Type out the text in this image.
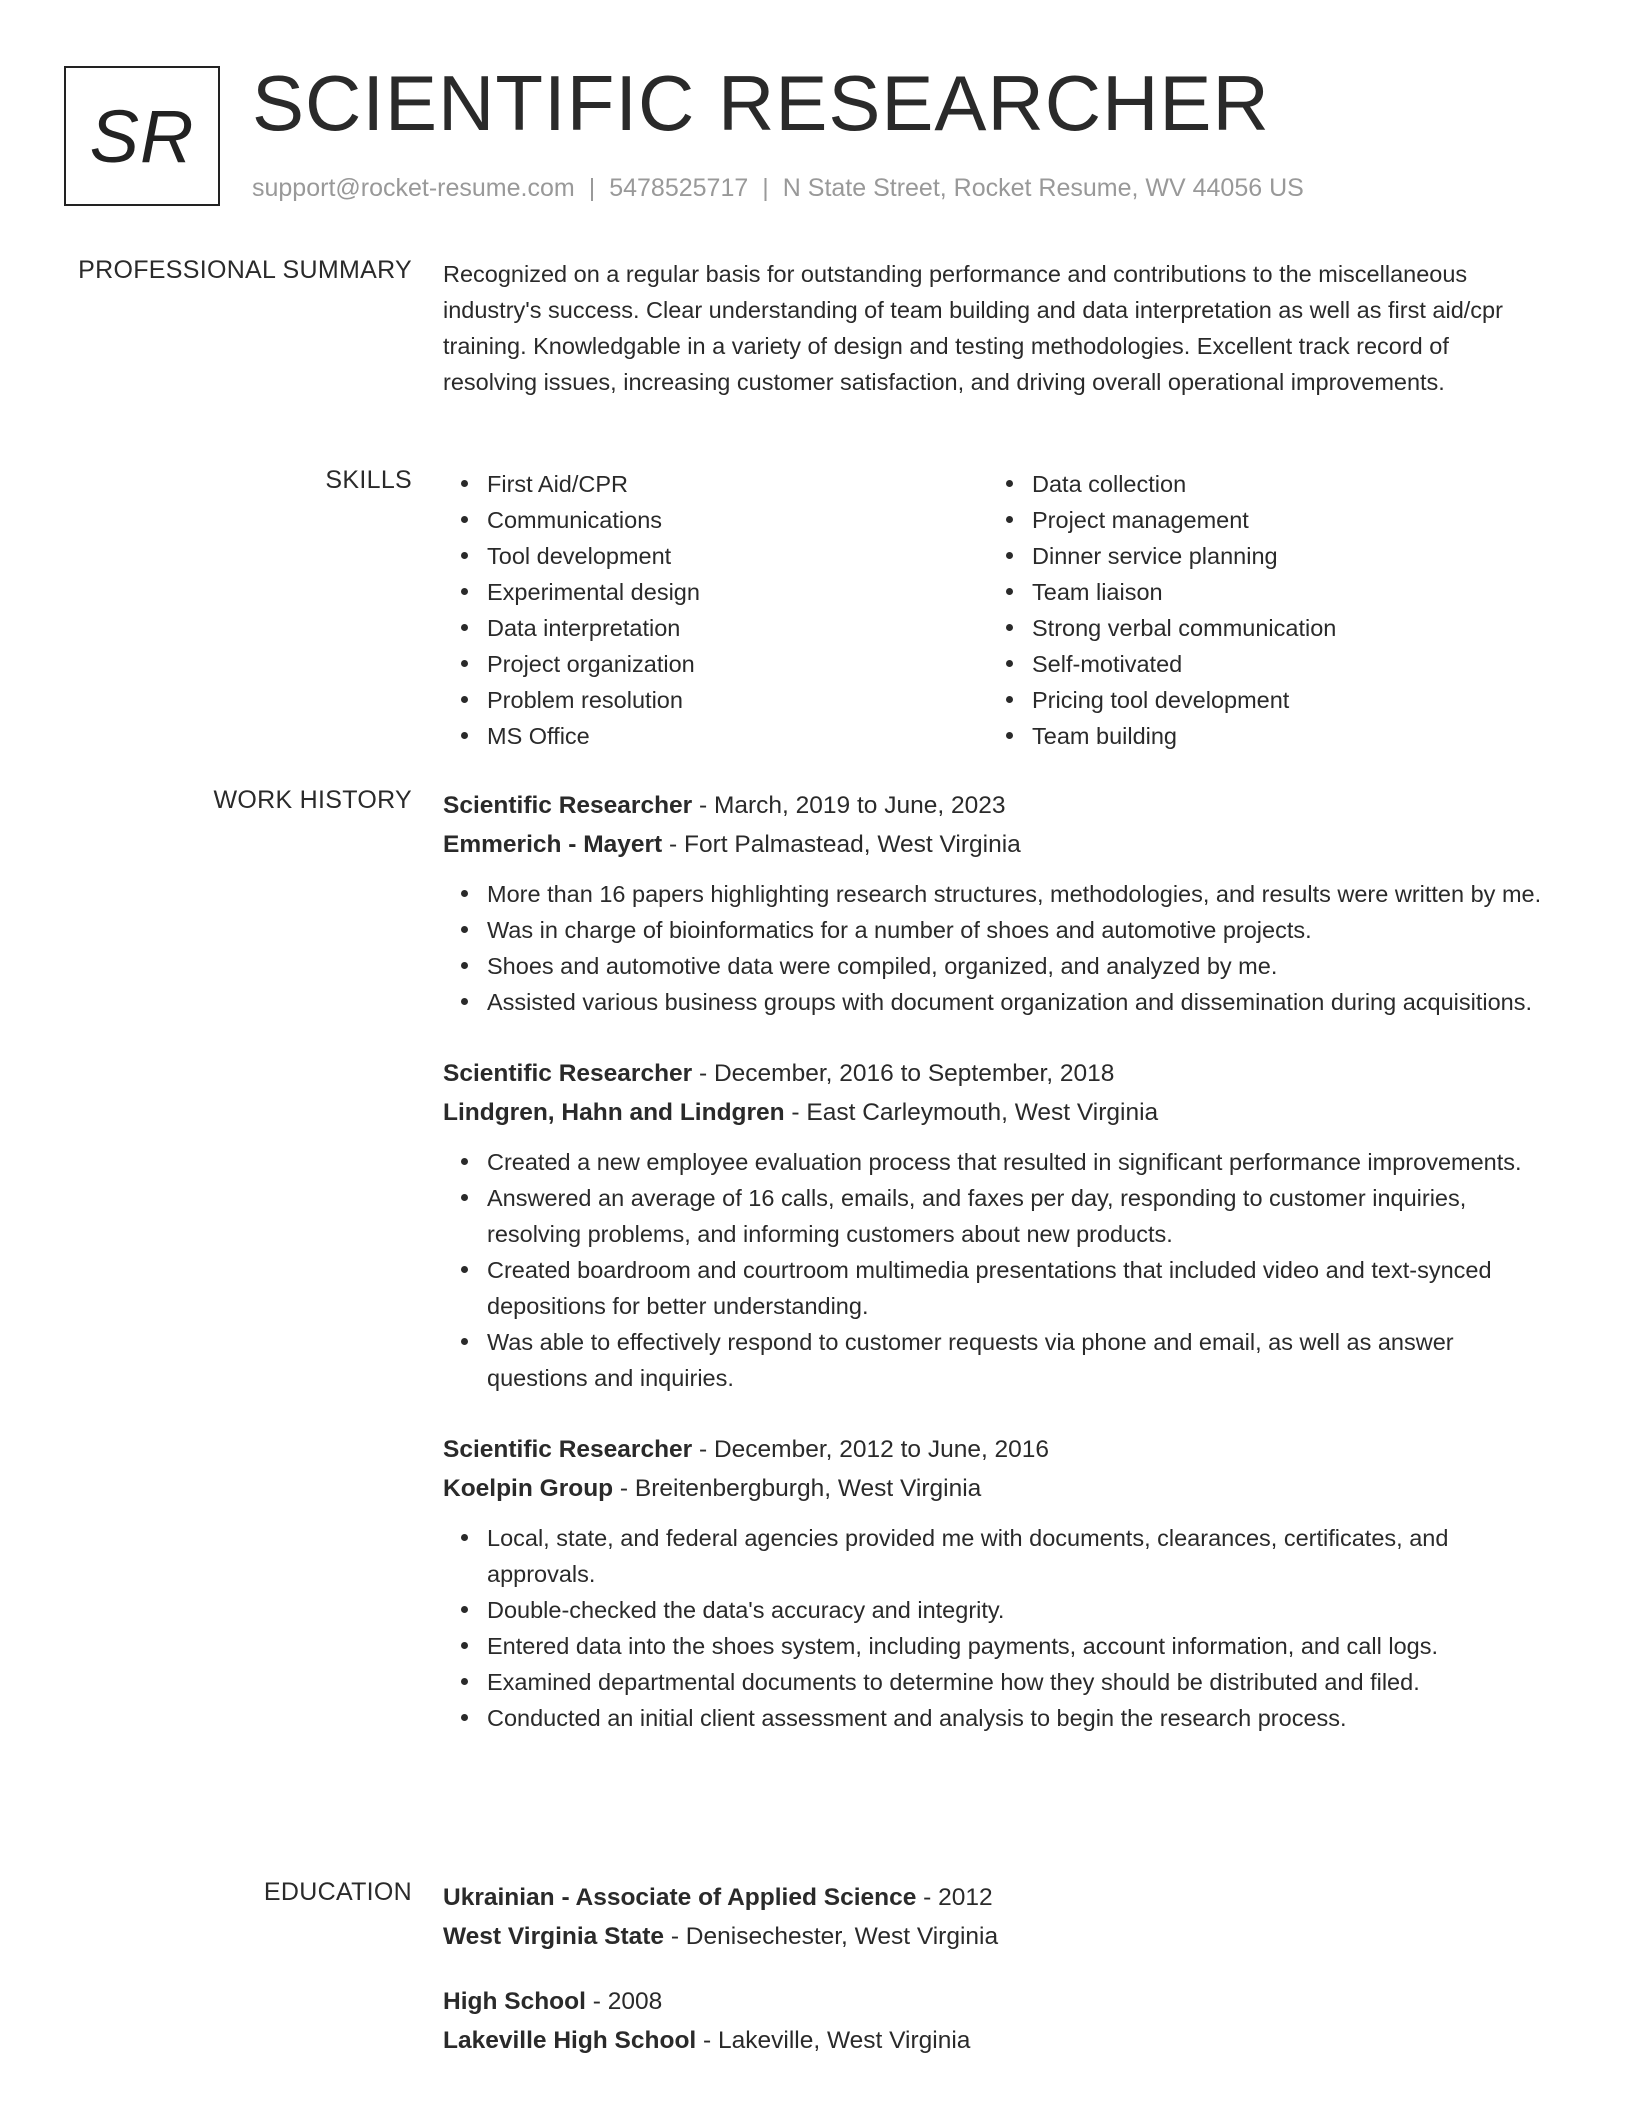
SR SCIENTIFIC RESEARCHER
support@rocket-resume.com | 5478525717 | N State Street, Rocket Resume, WV 44056 US
PROFESSIONAL SUMMARY Recognized on a regular basis for outstanding performance and contributions to the miscellaneous industry's success. Clear understanding of team building and data interpretation as well as first aid/cpr training. Knowledgable in a variety of design and testing methodologies. Excellent track record of resolving issues, increasing customer satisfaction, and driving overall operational improvements.

SKILLS	First Aid/CPR
Communications
Tool development
Experimental design
Data interpretation
Project organization
Problem resolution
MS Office
Data collection
Project management
Dinner service planning
Team liaison
Strong verbal communication
Self-motivated
Pricing tool development
Team building
WORK HISTORY Scientific Researcher - March, 2019 to June, 2023
Emmerich - Mayert - Fort Palmastead, West Virginia
More than 16 papers highlighting research structures, methodologies, and results were written by me.
Was in charge of bioinformatics for a number of shoes and automotive projects.
Shoes and automotive data were compiled, organized, and analyzed by me.
Assisted various business groups with document organization and dissemination during acquisitions.
Scientific Researcher - December, 2016 to September, 2018
Lindgren, Hahn and Lindgren - East Carleymouth, West Virginia
Created a new employee evaluation process that resulted in significant performance improvements.
Answered an average of 16 calls, emails, and faxes per day, responding to customer inquiries, resolving problems, and informing customers about new products.
Created boardroom and courtroom multimedia presentations that included video and text-synced depositions for better understanding.
Was able to effectively respond to customer requests via phone and email, as well as answer questions and inquiries.
Scientific Researcher - December, 2012 to June, 2016
Koelpin Group - Breitenbergburgh, West Virginia
Local, state, and federal agencies provided me with documents, clearances, certificates, and approvals.
Double-checked the data's accuracy and integrity.
Entered data into the shoes system, including payments, account information, and call logs.
Examined departmental documents to determine how they should be distributed and filed.
Conducted an initial client assessment and analysis to begin the research process.
EDUCATION Ukrainian - Associate of Applied Science - 2012
West Virginia State - Denisechester, West Virginia
High School - 2008
Lakeville High School - Lakeville, West Virginia
